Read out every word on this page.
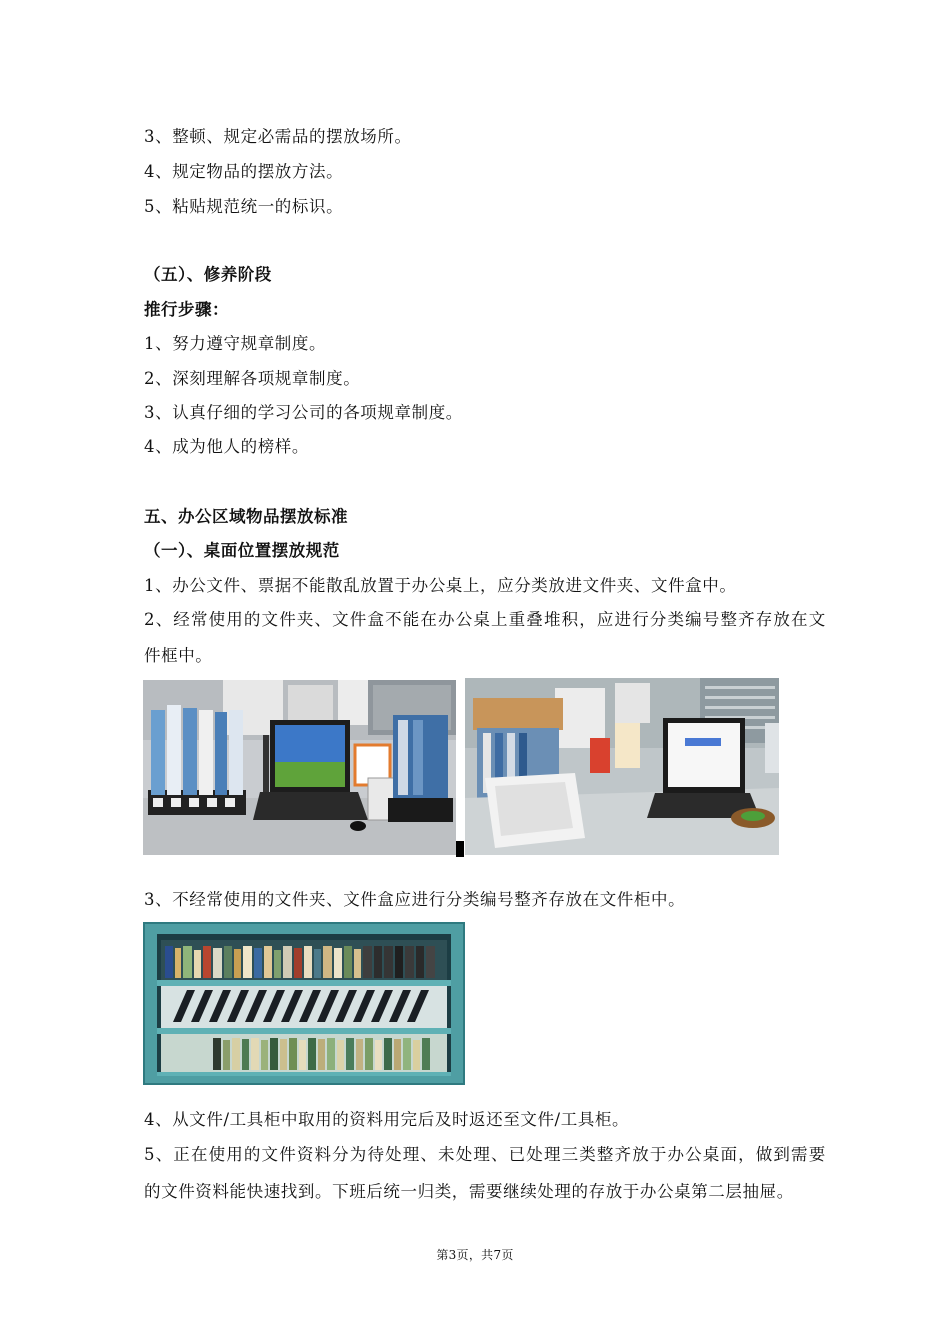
3、整顿、规定必需品的摆放场所。
4、规定物品的摆放方法。
5、粘贴规范统一的标识。
（五）、修养阶段
推行步骤：
1、努力遵守规章制度。
2、深刻理解各项规章制度。
3、认真仔细的学习公司的各项规章制度。
4、成为他人的榜样。
五、办公区域物品摆放标准
（一）、桌面位置摆放规范
1、办公文件、票据不能散乱放置于办公桌上，应分类放进文件夹、文件盒中。
2、经常使用的文件夹、文件盒不能在办公桌上重叠堆积，应进行分类编号整齐存放在文
件框中。
3、不经常使用的文件夹、文件盒应进行分类编号整齐存放在文件柜中。
4、从文件/工具柜中取用的资料用完后及时返还至文件/工具柜。
5、正在使用的文件资料分为待处理、未处理、已处理三类整齐放于办公桌面，做到需要
的文件资料能快速找到。下班后统一归类，需要继续处理的存放于办公桌第二层抽屉。
第3页，共7页
